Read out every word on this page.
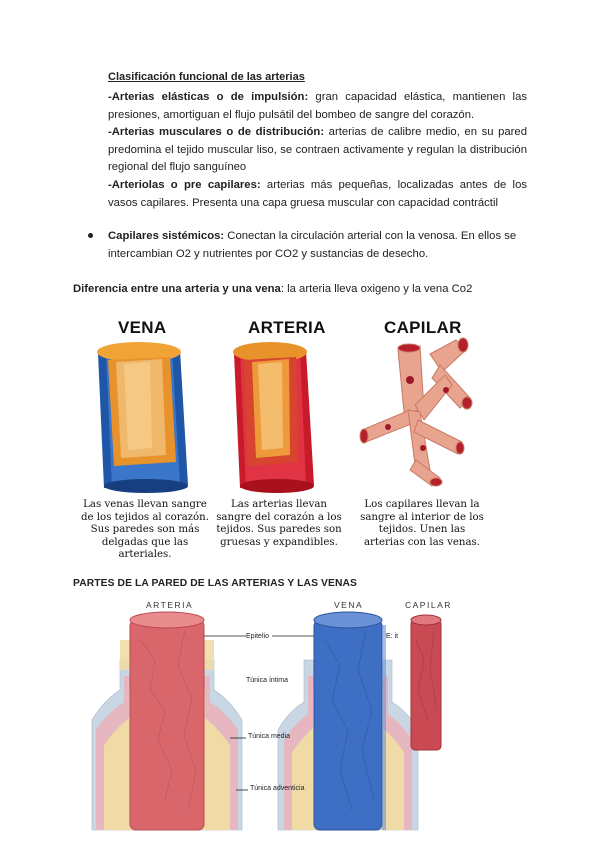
Clasificación funcional de las arterias

-Arterias elásticas o de impulsión: gran capacidad elástica, mantienen las presiones, amortiguan el flujo pulsátil del bombeo de sangre del corazón.

-Arterias musculares o de distribución: arterias de calibre medio, en su pared predomina el tejido muscular liso, se contraen activamente y regulan la distribución regional del flujo sanguíneo

-Arteriolas o pre capilares: arterias más pequeñas, localizadas antes de los vasos capilares. Presenta una capa gruesa muscular con capacidad contráctil

Capilares sistémicos: Conectan la circulación arterial con la venosa. En ellos se intercambian O2 y nutrientes por CO2 y sustancias de desecho.
Diferencia entre una arteria y una vena: la arteria lleva oxigeno y la vena Co2
VENA	ARTERIA	CAPILAR
Las venas llevan sangre de los tejidos al corazón. Sus paredes son más delgadas que las arteriales.
Las arterias llevan sangre del corazón a los tejidos. Sus paredes son gruesas y expandibles.
Los capilares llevan la sangre al interior de los tejidos. Unen las arterias con las venas.
PARTES DE LA PARED DE LAS ARTERIAS Y LAS VENAS
ARTERIA	VENA	CAPILAR
Epitelio	E: it
Túnica íntima
Túnica media
Túnica adventicia
